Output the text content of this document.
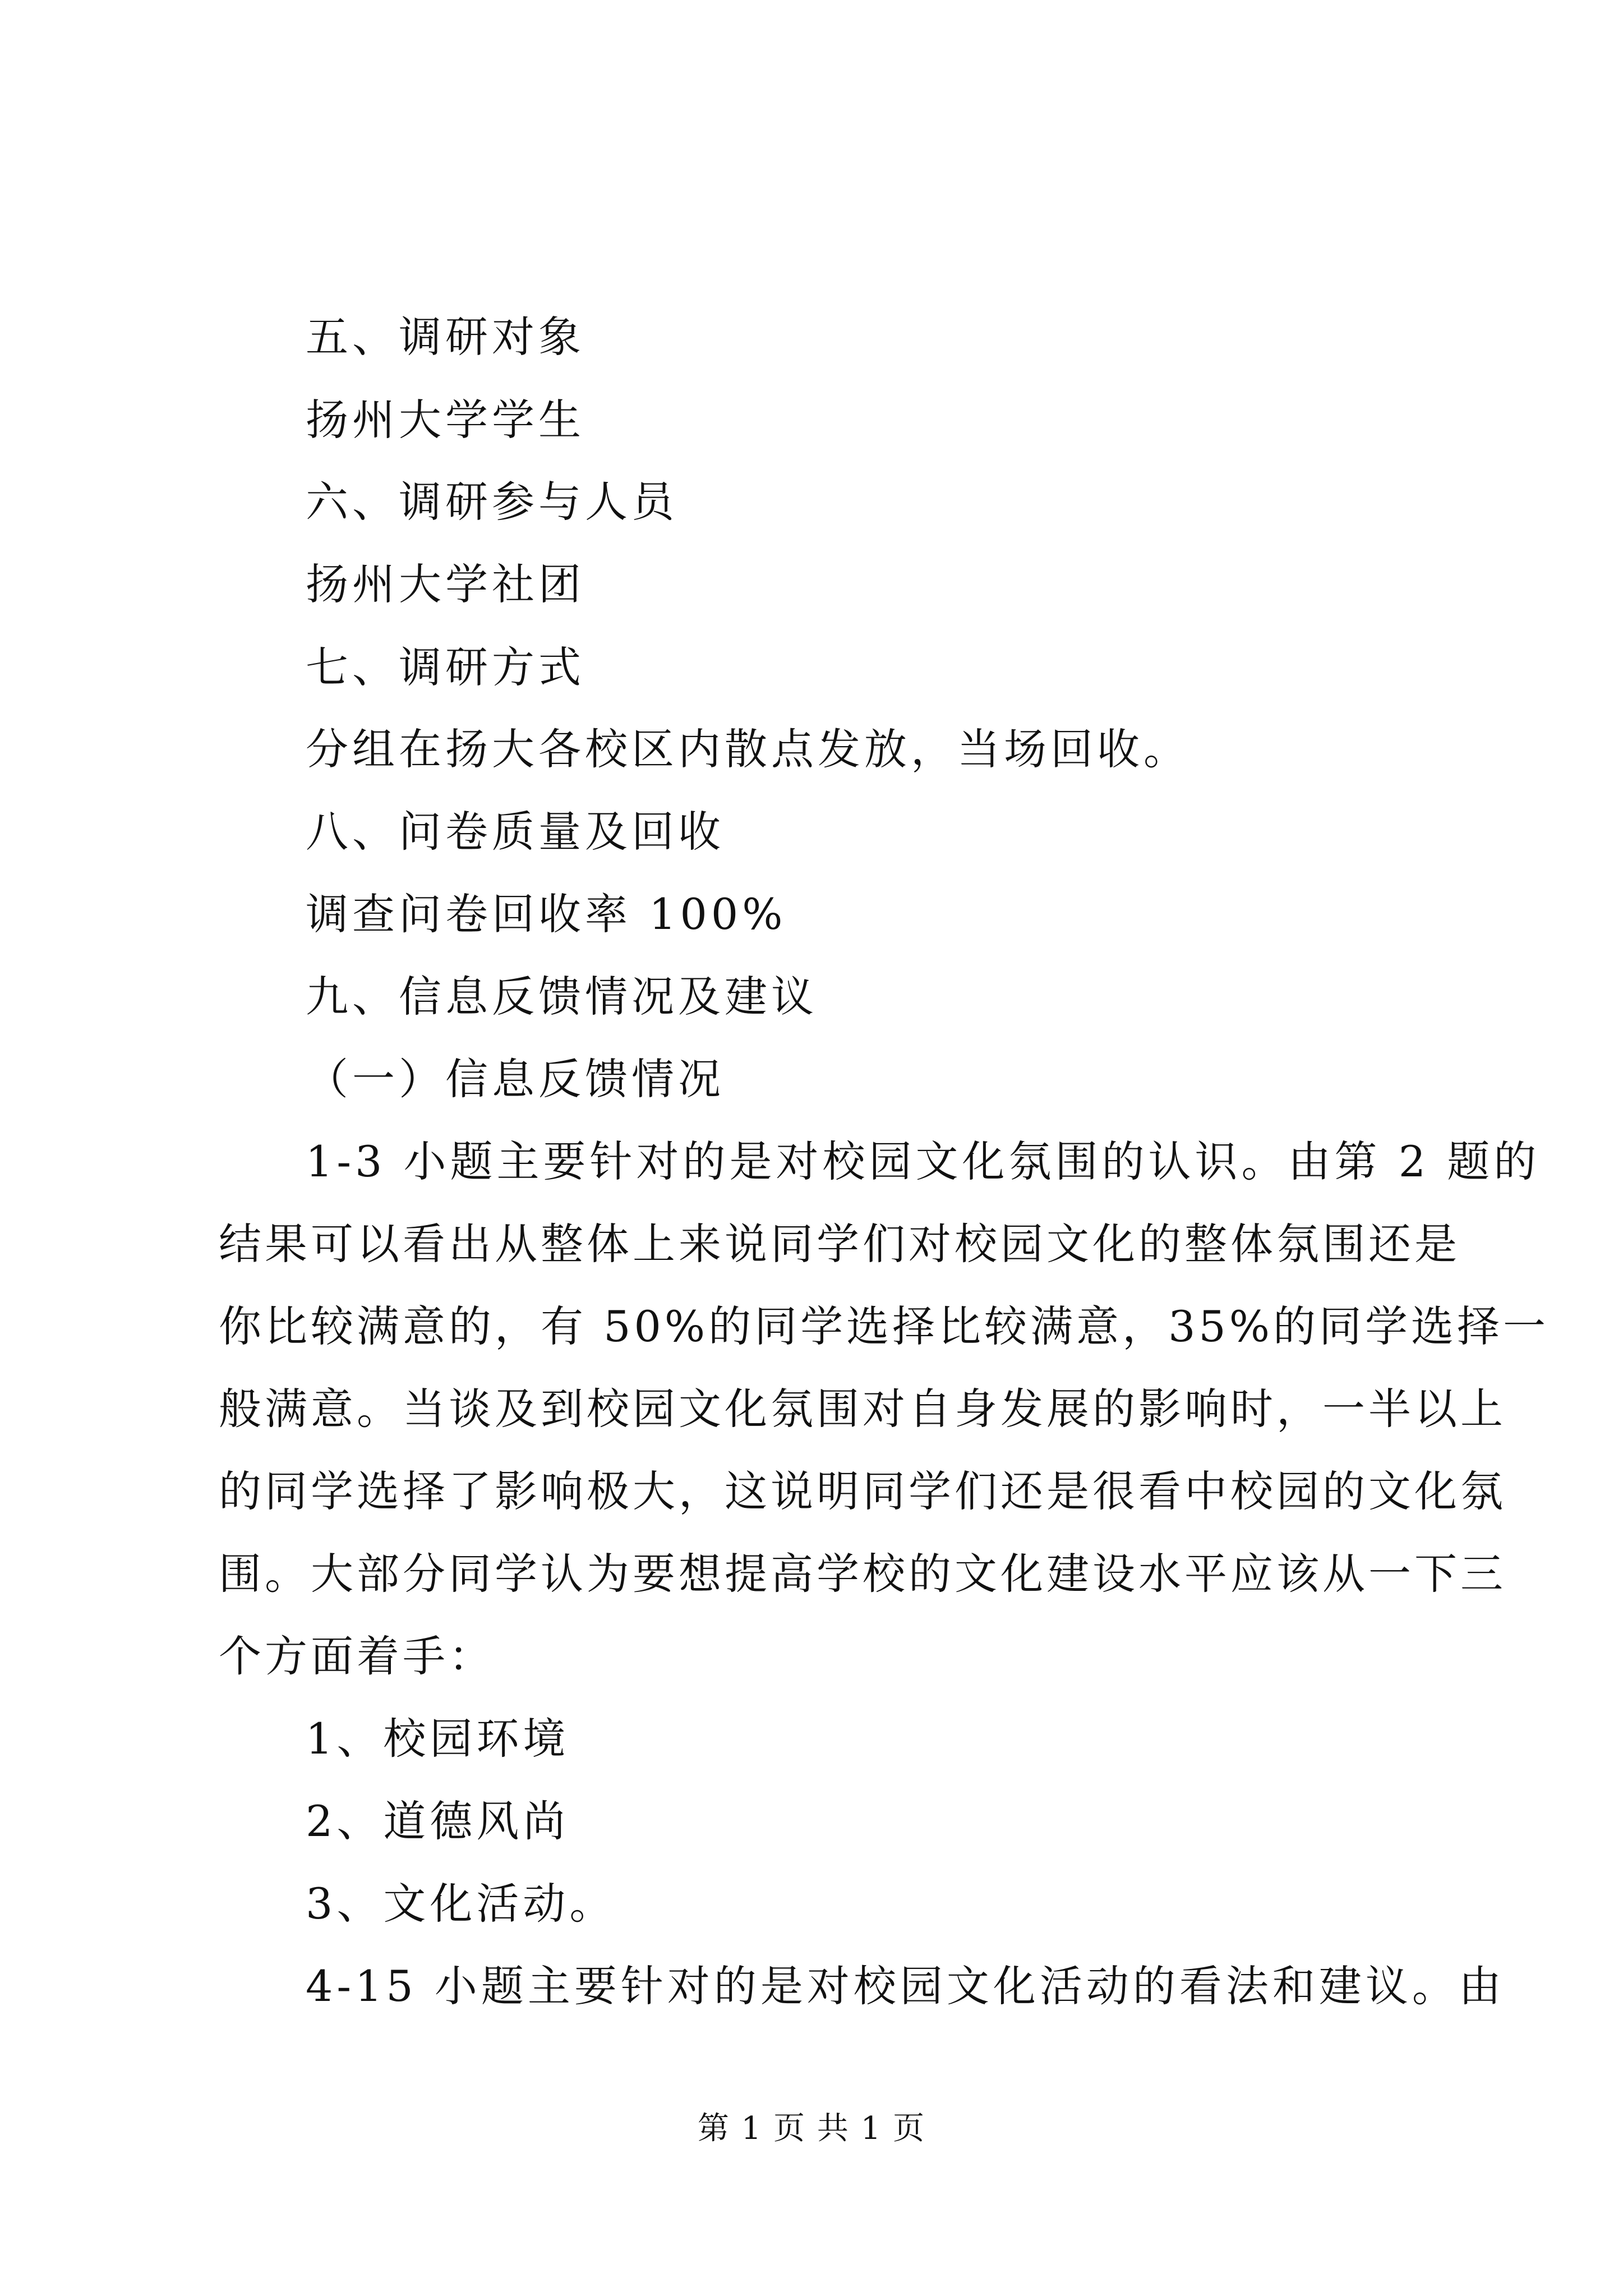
五、调研对象

扬州大学学生

六、调研参与人员

扬州大学社团

七、调研方式

分组在扬大各校区内散点发放，当场回收。

八、问卷质量及回收

调查问卷回收率 100%

九、信息反馈情况及建议

（一）信息反馈情况

1-3 小题主要针对的是对校园文化氛围的认识。由第 2 题的

结果可以看出从整体上来说同学们对校园文化的整体氛围还是

你比较满意的，有 50%的同学选择比较满意，35%的同学选择一

般满意。当谈及到校园文化氛围对自身发展的影响时，一半以上

的同学选择了影响极大，这说明同学们还是很看中校园的文化氛

围。大部分同学认为要想提高学校的文化建设水平应该从一下三

个方面着手：

1、校园环境

2、道德风尚

3、文化活动。

4-15 小题主要针对的是对校园文化活动的看法和建议。由

第 1 页 共 1 页
